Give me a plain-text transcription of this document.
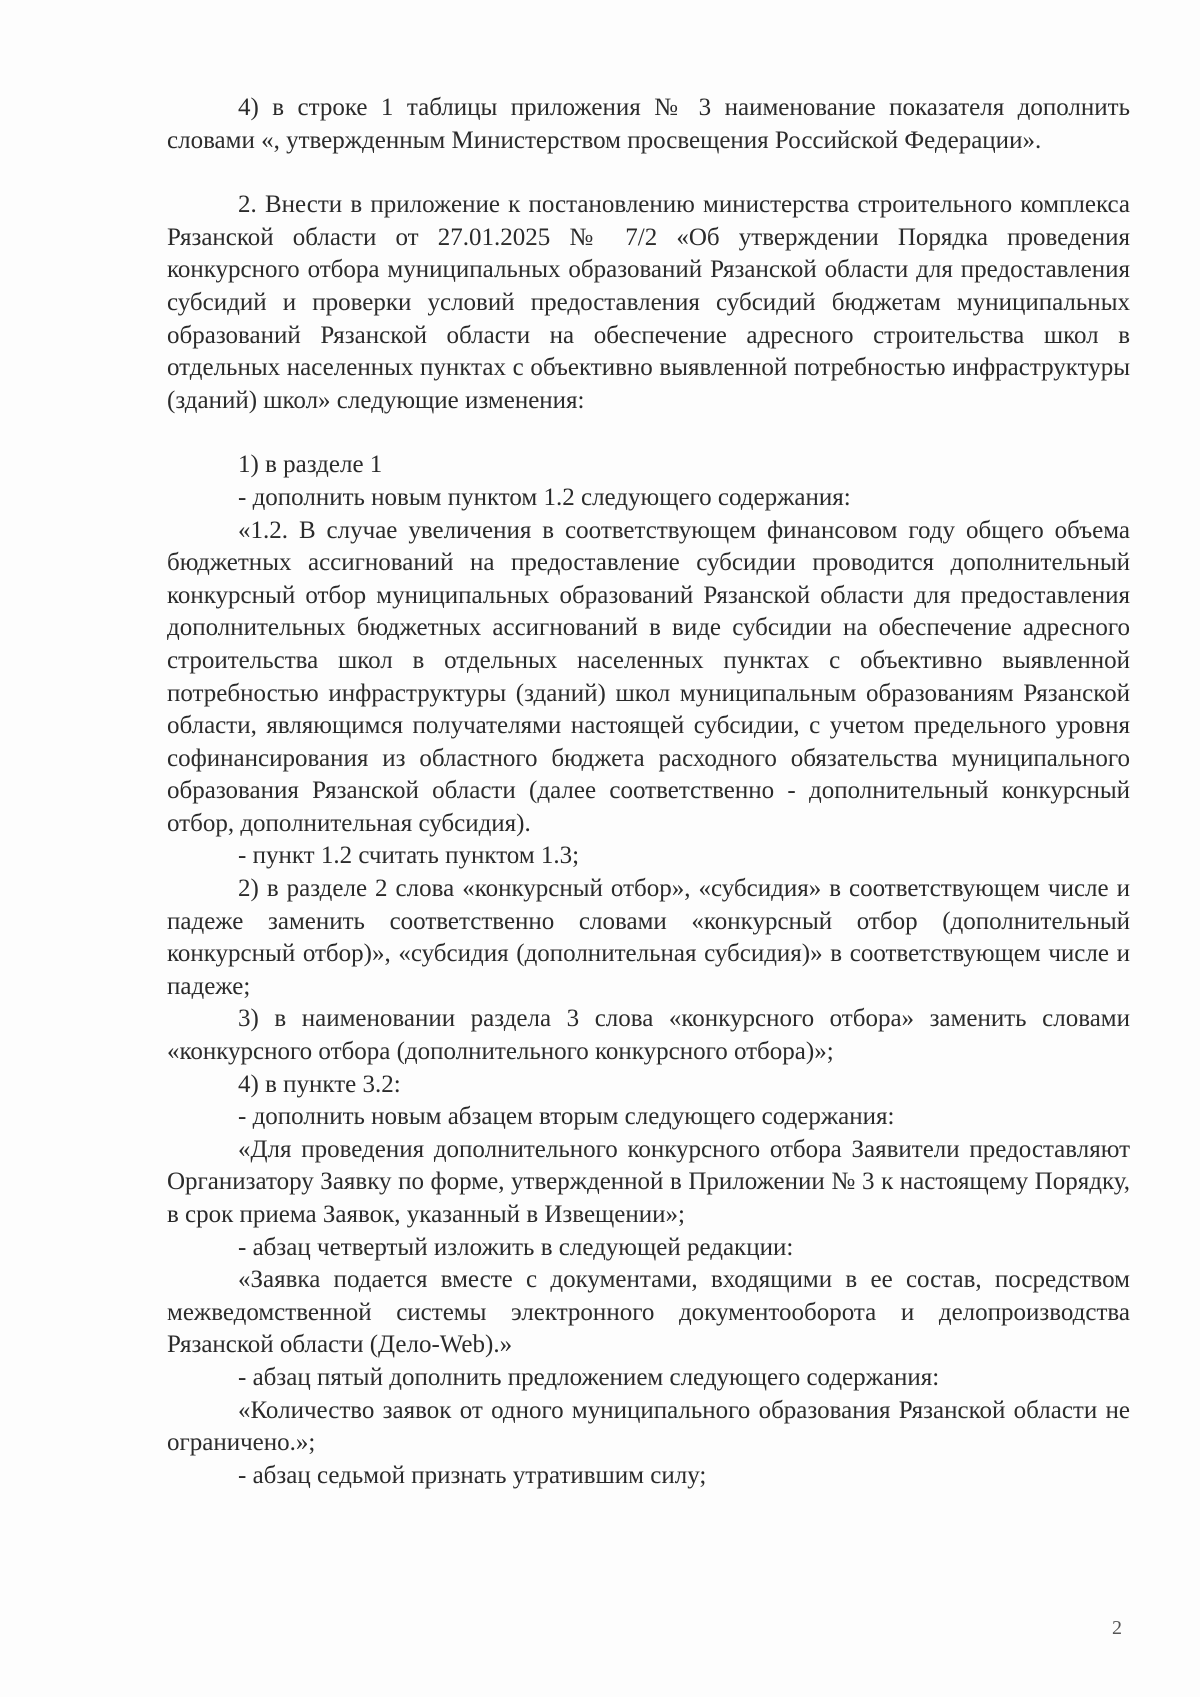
4) в строке 1 таблицы приложения № 3 наименование показателя дополнить словами «, утвержденным Министерством просвещения Российской Федерации».

2. Внести в приложение к постановлению министерства строительного комплекса Рязанской области от 27.01.2025 № 7/2 «Об утверждении Порядка проведения конкурсного отбора муниципальных образований Рязанской области для предоставления субсидий и проверки условий предоставления субсидий бюджетам муниципальных образований Рязанской области на обеспечение адресного строительства школ в отдельных населенных пунктах с объективно выявленной потребностью инфраструктуры (зданий) школ» следующие изменения:

1) в разделе 1

- дополнить новым пунктом 1.2 следующего содержания:

«1.2. В случае увеличения в соответствующем финансовом году общего объема бюджетных ассигнований на предоставление субсидии проводится дополнительный конкурсный отбор муниципальных образований Рязанской области для предоставления дополнительных бюджетных ассигнований в виде субсидии на обеспечение адресного строительства школ в отдельных населенных пунктах с объективно выявленной потребностью инфраструктуры (зданий) школ муниципальным образованиям Рязанской области, являющимся получателями настоящей субсидии, с учетом предельного уровня софинансирования из областного бюджета расходного обязательства муниципального образования Рязанской области (далее соответственно - дополнительный конкурсный отбор, дополнительная субсидия).

- пункт 1.2 считать пунктом 1.3;

2) в разделе 2 слова «конкурсный отбор», «субсидия» в соответствующем числе и падеже заменить соответственно словами «конкурсный отбор (дополнительный конкурсный отбор)», «субсидия (дополнительная субсидия)» в соответствующем числе и падеже;

3) в наименовании раздела 3 слова «конкурсного отбора» заменить словами «конкурсного отбора (дополнительного конкурсного отбора)»;

4) в пункте 3.2:

- дополнить новым абзацем вторым следующего содержания:

«Для проведения дополнительного конкурсного отбора Заявители предоставляют Организатору Заявку по форме, утвержденной в Приложении № 3 к настоящему Порядку, в срок приема Заявок, указанный в Извещении»;

- абзац четвертый изложить в следующей редакции:

«Заявка подается вместе с документами, входящими в ее состав, посредством межведомственной системы электронного документооборота и делопроизводства Рязанской области (Дело-Web).»

- абзац пятый дополнить предложением следующего содержания:

«Количество заявок от одного муниципального образования Рязанской области не ограничено.»;

- абзац седьмой признать утратившим силу;

2
